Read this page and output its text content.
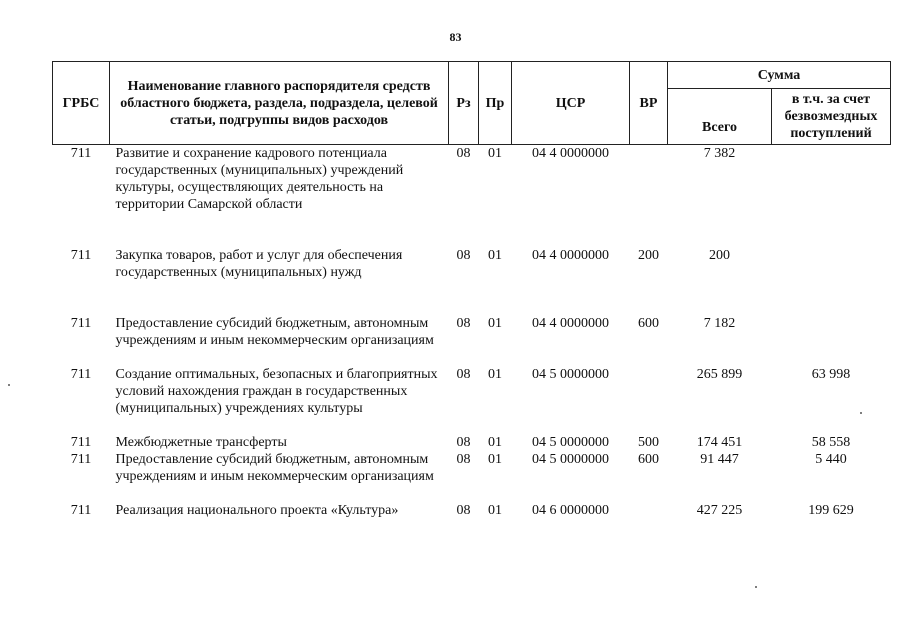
83
ГРБС	Наименование главного распорядителя средств областного бюджета, раздела, подраздела, целевой статьи, подгруппы видов расходов	Рз	Пр	ЦСР	ВР	Сумма	
						Всего	в т.ч. за счет безвозмездных поступлений
711	Развитие и сохранение кадрового потенциала государственных (муниципальных) учреждений культуры, осуществляющих деятельность на территории Самарской области	08	01	04 4 0000000		7 382	

711	Закупка товаров, работ и услуг для обеспечения государственных (муниципальных) нужд	08	01	04 4 0000000	200	200	

711	Предоставление субсидий бюджетным, автономным учреждениям и иным некоммерческим организациям	08	01	04 4 0000000	600	7 182	

711	Создание оптимальных, безопасных и благоприятных условий нахождения граждан в государственных (муниципальных) учреждениях культуры	08	01	04 5 0000000		265 899	63 998

711	Межбюджетные трансферты	08	01	04 5 0000000	500	174 451	58 558
711	Предоставление субсидий бюджетным, автономным учреждениям и иным некоммерческим организациям	08	01	04 5 0000000	600	91 447	5 440

711	Реализация национального проекта «Культура»	08	01	04 6 0000000		427 225	199 629
